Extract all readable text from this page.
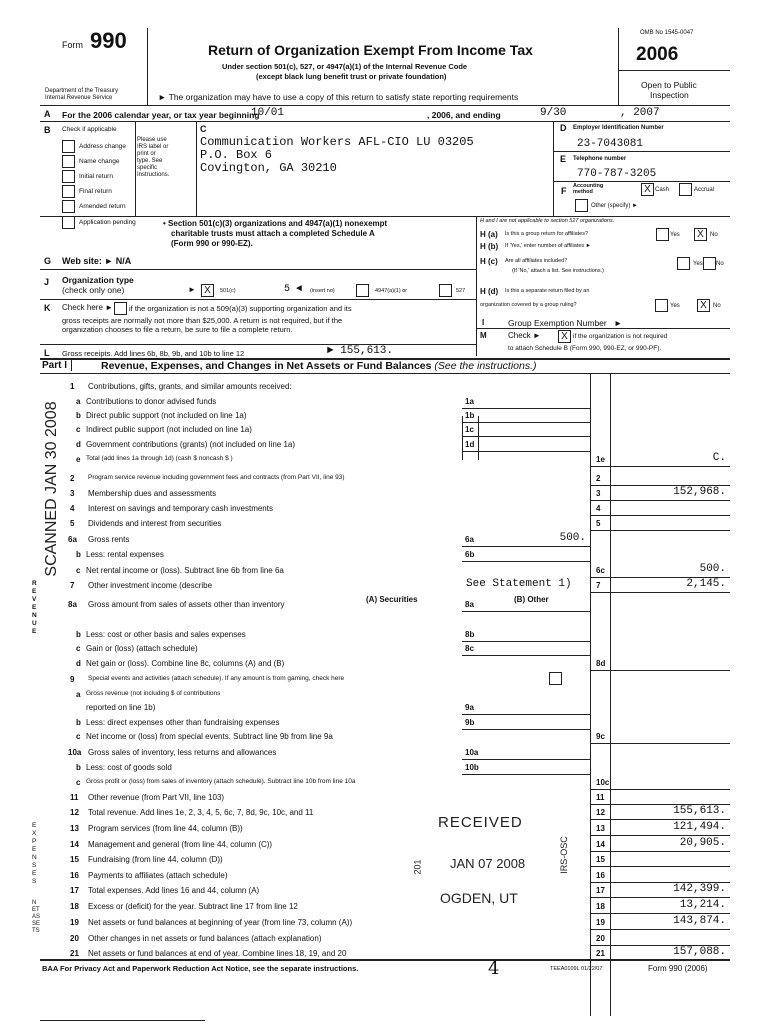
Form 990
Department of the Treasury
Internal Revenue Service
Return of Organization Exempt From Income Tax
Under section 501(c), 527, or 4947(a)(1) of the Internal Revenue Code
(except black lung benefit trust or private foundation)
► The organization may have to use a copy of this return to satisfy state reporting requirements
OMB No 1545-0047
2006
Open to Public
Inspection
A For the 2006 calendar year, or tax year beginning
10/01	, 2006, and ending	9/30	, 2007
B Check if applicable
Address change
Name change
Initial return
Final return
Amended return
Application pending
Please use IRS label or print or type. See specific Instructions.
C
Communication Workers AFL-CIO LU 03205
P.O. Box 6
Covington, GA 30210
D Employer Identification Number
23-7043081
E Telephone number
770-787-3205
F Accounting method	X Cash	Accrual
Other (specify) ►
• Section 501(c)(3) organizations and 4947(a)(1) nonexempt
charitable trusts must attach a completed Schedule A
(Form 990 or 990-EZ).
H and I are not applicable to section 527 organizations.
H (a) Is this a group return for affiliates?	Yes	X	No
H (b) If 'Yes,' enter number of affiliates ►
H (c) Are all affiliates included?
(If 'No,' attach a list. See instructions.)
Yes No
H (d) Is this a separate return filed by an
organization covered by a group ruling?	Yes	X	No
I	Group Exemption Number   ►
M	Check ►	X if the organization is not required
to attach Schedule B (Form 990, 990-EZ, or 990-PF).
G Web site: ► N/A
J Organization type
(check only one)	► X	501(c)	5 ◄ (insert no)	4947(a)(1) or	527
K Check here ► if the organization is not a 509(a)(3) supporting organization and its
gross receipts are normally not more than $25,000. A return is not required, but if the
organization chooses to file a return, be sure to file a complete return.
L Gross receipts. Add lines 6b, 8b, 9b, and 10b to line 12	► 155,613.
Part I	Revenue, Expenses, and Changes in Net Assets or Fund Balances (See the instructions.)
1 Contributions, gifts, grants, and similar amounts received:
a Contributions to donor advised funds	1a
b Direct public support (not included on line 1a)	1b
c Indirect public support (not included on line 1a)	1c
d Government contributions (grants) (not included on line 1a)	1d
e Total (add lines 1a through 1d) (cash $ noncash $ )	1e	C.
2 Program service revenue including government fees and contracts (from Part VII, line 93)	2
3 Membership dues and assessments	3	152,968.
4 Interest on savings and temporary cash investments	4
5 Dividends and interest from securities	5
6a Gross rents	6a	500.
b Less: rental expenses	6b
c Net rental income or (loss). Subtract line 6b from line 6a	6c	500.
7 Other investment income (describe	7	2,145.
8a Gross amount from sales of assets other than inventory	8a
b Less: cost or other basis and sales expenses	8b
c Gain or (loss) (attach schedule)	8c
d Net gain or (loss). Combine line 8c, columns (A) and (B)	8d
9 Special events and activities (attach schedule). If any amount is from gaming, check here
a Gross revenue (not including $ of contributions
reported on line 1b)	9a
b Less: direct expenses other than fundraising expenses	9b
c Net income or (loss) from special events. Subtract line 9b from line 9a	9c
10a Gross sales of inventory, less returns and allowances	10a
b Less: cost of goods sold	10b
c Gross profit or (loss) from sales of inventory (attach schedule). Subtract line 10b from line 10a	10c
11 Other revenue (from Part VII, line 103)	11
12 Total revenue. Add lines 1e, 2, 3, 4, 5, 6c, 7, 8d, 9c, 10c, and 11	12	155,613.
13 Program services (from line 44, column (B))	13	121,494.
14 Management and general (from line 44, column (C))	14	20,905.
15 Fundraising (from line 44, column (D))	15
16 Payments to affiliates (attach schedule)	16
17 Total expenses. Add lines 16 and 44, column (A)	17	142,399.
18 Excess or (deficit) for the year. Subtract line 17 from line 12	18	13,214.
19 Net assets or fund balances at beginning of year (from line 73, column (A))	19	143,874.
20 Other changes in net assets or fund balances (attach explanation)	20
21 Net assets or fund balances at end of year. Combine lines 18, 19, and 20	21	157,088.
(A) Securities	(B) Other
See Statement 1)
REVENUE
EXPENSES
NET ASSETS
SCANNED JAN 30 2008
RECEIVED
JAN 07 2008
201	IRS-OSC
OGDEN, UT
BAA For Privacy Act and Paperwork Reduction Act Notice, see the separate instructions.	4	TEEA0109L 01/22/07	Form 990 (2006)
